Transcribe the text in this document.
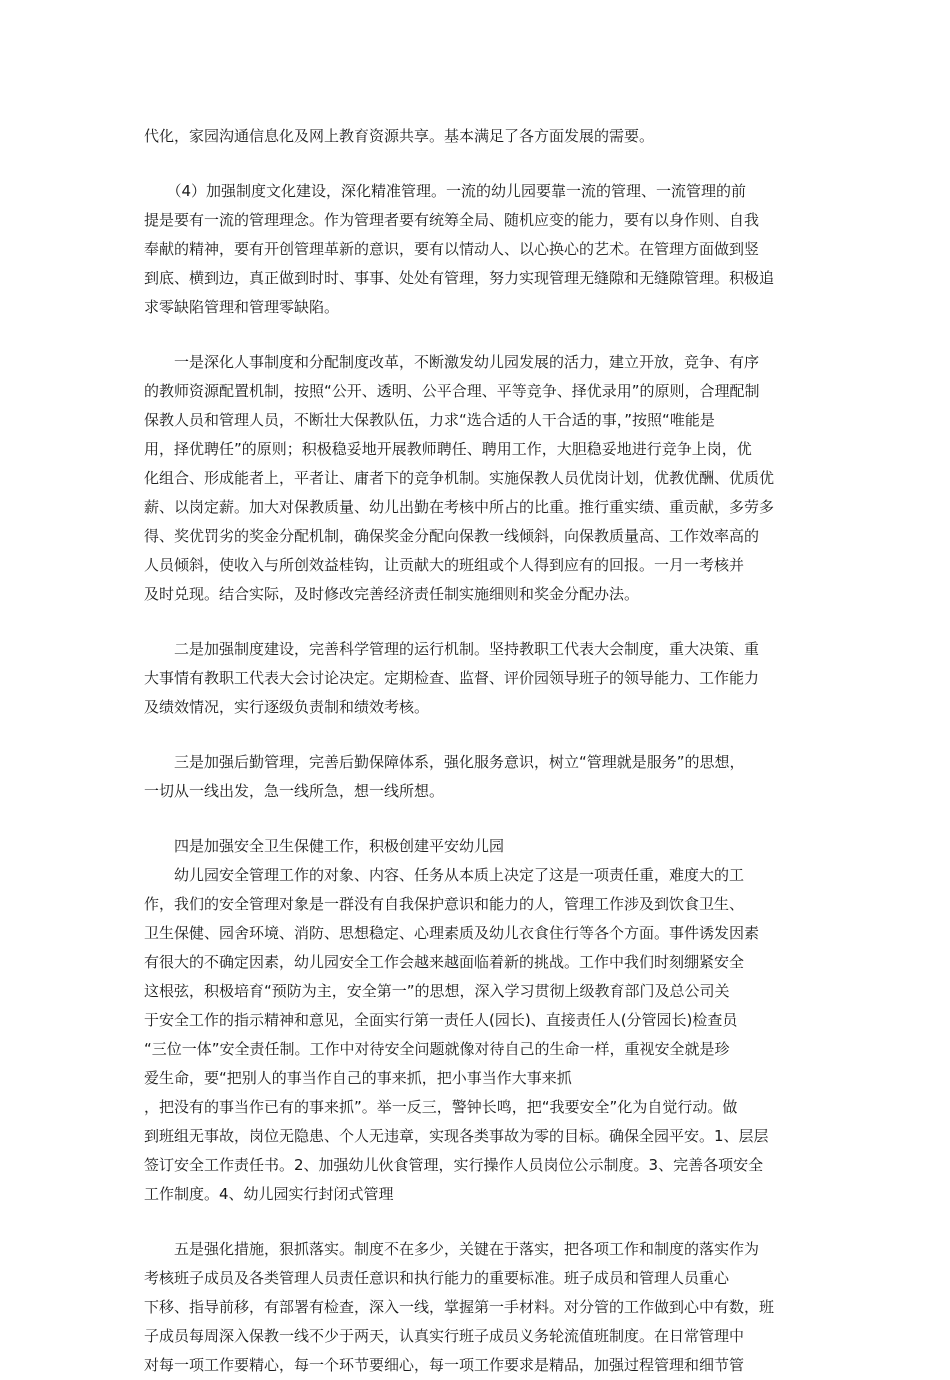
代化，家园沟通信息化及网上教育资源共享。基本满足了各方面发展的需要。

　　（4）加强制度文化建设，深化精准管理。一流的幼儿园要靠一流的管理、一流管理的前
提是要有一流的管理理念。作为管理者要有统筹全局、随机应变的能力，要有以身作则、自我
奉献的精神，要有开创管理革新的意识，要有以情动人、以心换心的艺术。在管理方面做到竖
到底、横到边，真正做到时时、事事、处处有管理，努力实现管理无缝隙和无缝隙管理。积极追
求零缺陷管理和管理零缺陷。

　　一是深化人事制度和分配制度改革，不断激发幼儿园发展的活力，建立开放，竞争、有序
的教师资源配置机制，按照“公开、透明、公平合理、平等竞争、择优录用”的原则，合理配制
保教人员和管理人员，不断壮大保教队伍，力求“选合适的人干合适的事，”按照“唯能是
用，择优聘任”的原则；积极稳妥地开展教师聘任、聘用工作，大胆稳妥地进行竞争上岗，优
化组合、形成能者上，平者让、庸者下的竞争机制。实施保教人员优岗计划，优教优酬、优质优
薪、以岗定薪。加大对保教质量、幼儿出勤在考核中所占的比重。推行重实绩、重贡献，多劳多
得、奖优罚劣的奖金分配机制，确保奖金分配向保教一线倾斜，向保教质量高、工作效率高的
人员倾斜，使收入与所创效益桂钩，让贡献大的班组或个人得到应有的回报。一月一考核并
及时兑现。结合实际，及时修改完善经济责任制实施细则和奖金分配办法。

　　二是加强制度建设，完善科学管理的运行机制。坚持教职工代表大会制度，重大决策、重
大事情有教职工代表大会讨论决定。定期检查、监督、评价园领导班子的领导能力、工作能力
及绩效情况，实行逐级负责制和绩效考核。

　　三是加强后勤管理，完善后勤保障体系，强化服务意识，树立“管理就是服务”的思想，
一切从一线出发，急一线所急，想一线所想。

　　四是加强安全卫生保健工作，积极创建平安幼儿园
　　幼儿园安全管理工作的对象、内容、任务从本质上决定了这是一项责任重，难度大的工
作，我们的安全管理对象是一群没有自我保护意识和能力的人，管理工作涉及到饮食卫生、
卫生保健、园舍环境、消防、思想稳定、心理素质及幼儿衣食住行等各个方面。事件诱发因素
有很大的不确定因素，幼儿园安全工作会越来越面临着新的挑战。工作中我们时刻绷紧安全
这根弦，积极培育“预防为主，安全第一”的思想，深入学习贯彻上级教育部门及总公司关
于安全工作的指示精神和意见，全面实行第一责任人(园长)、直接责任人(分管园长)检查员
“三位一体”安全责任制。工作中对待安全问题就像对待自己的生命一样，重视安全就是珍
爱生命，要“把别人的事当作自己的事来抓，把小事当作大事来抓
，把没有的事当作已有的事来抓”。举一反三，警钟长鸣，把“我要安全”化为自觉行动。做
到班组无事故，岗位无隐患、个人无违章，实现各类事故为零的目标。确保全园平安。1、层层
签订安全工作责任书。2、加强幼儿伙食管理，实行操作人员岗位公示制度。3、完善各项安全
工作制度。4、幼儿园实行封闭式管理

　　五是强化措施，狠抓落实。制度不在多少，关键在于落实，把各项工作和制度的落实作为
考核班子成员及各类管理人员责任意识和执行能力的重要标准。班子成员和管理人员重心
下移、指导前移，有部署有检查，深入一线，掌握第一手材料。对分管的工作做到心中有数，班
子成员每周深入保教一线不少于两天，认真实行班子成员义务轮流值班制度。在日常管理中
对每一项工作要精心，每一个环节要细心，每一项工作要求是精品，加强过程管理和细节管
